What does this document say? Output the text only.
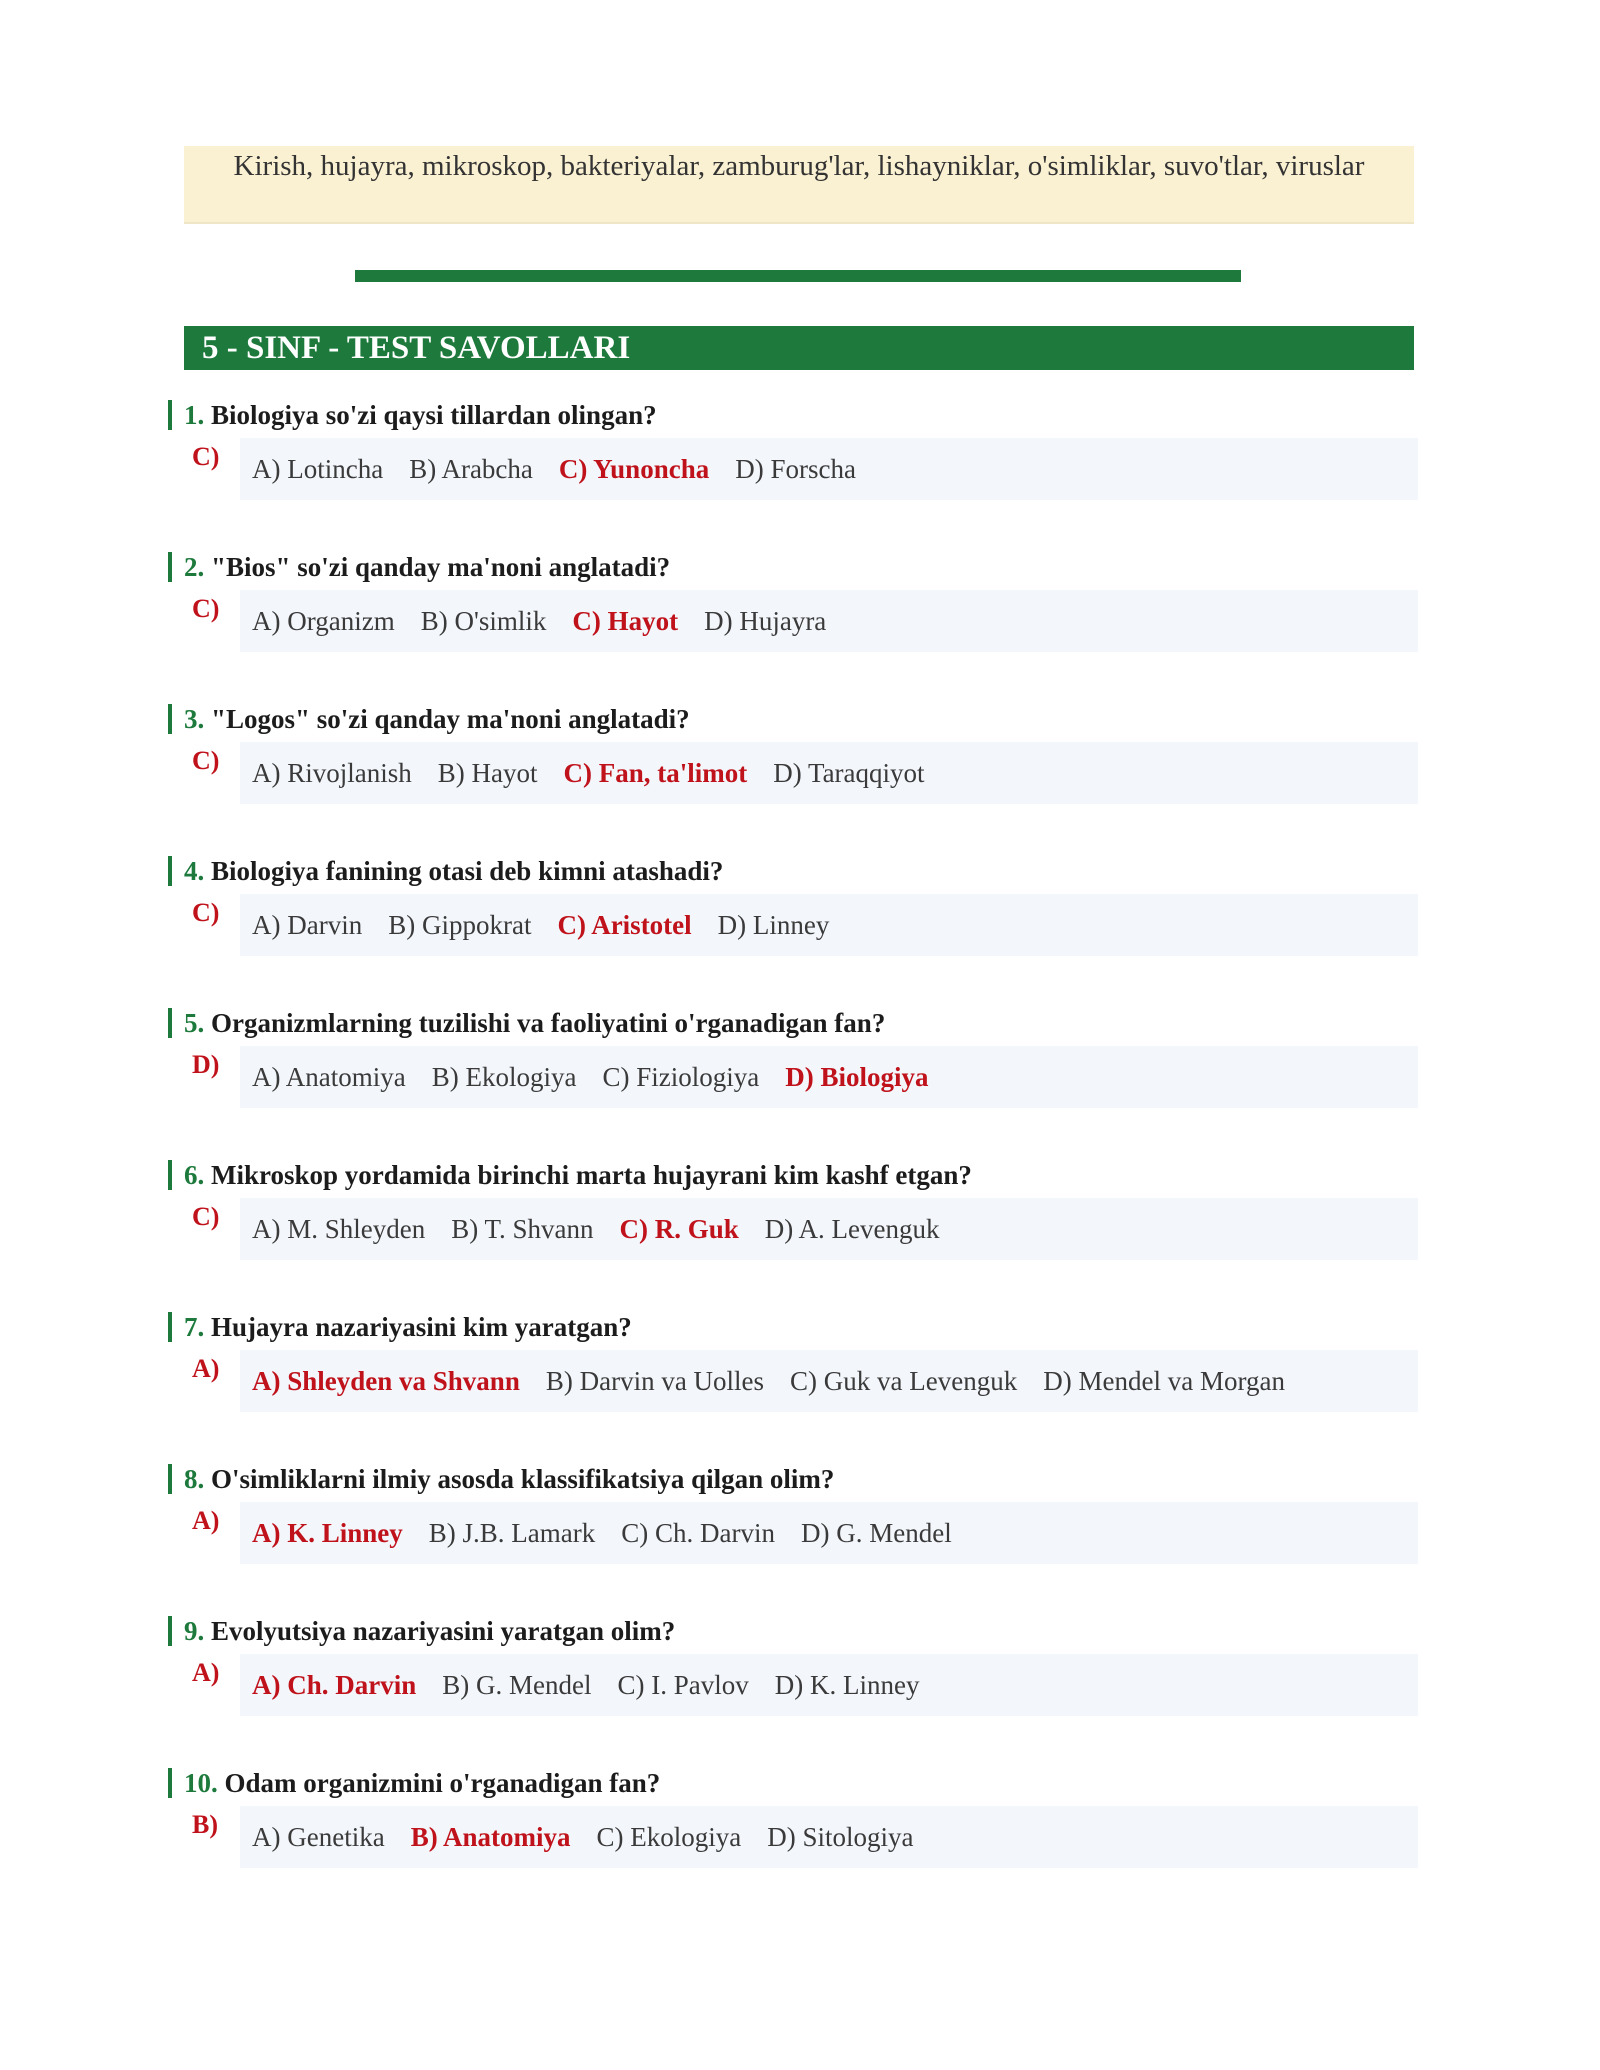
Kirish, hujayra, mikroskop, bakteriyalar, zamburug'lar, lishayniklar, o'simliklar, suvo'tlar, viruslar
5 - SINF - TEST SAVOLLARI
1. Biologiya so'zi qaysi tillardan olingan?
C)	A) Lotincha B) Arabcha C) Yunoncha D) Forscha
2. "Bios" so'zi qanday ma'noni anglatadi?
C)	A) Organizm B) O'simlik C) Hayot D) Hujayra
3. "Logos" so'zi qanday ma'noni anglatadi?
C)	A) Rivojlanish B) Hayot C) Fan, ta'limot D) Taraqqiyot
4. Biologiya fanining otasi deb kimni atashadi?
C)	A) Darvin B) Gippokrat C) Aristotel D) Linney
5. Organizmlarning tuzilishi va faoliyatini o'rganadigan fan?
D)	A) Anatomiya B) Ekologiya C) Fiziologiya D) Biologiya
6. Mikroskop yordamida birinchi marta hujayrani kim kashf etgan?
C)	A) M. Shleyden B) T. Shvann C) R. Guk D) A. Levenguk
7. Hujayra nazariyasini kim yaratgan?
A)	A) Shleyden va Shvann B) Darvin va Uolles C) Guk va Levenguk D) Mendel va Morgan
8. O'simliklarni ilmiy asosda klassifikatsiya qilgan olim?
A)	A) K. Linney B) J.B. Lamark C) Ch. Darvin D) G. Mendel
9. Evolyutsiya nazariyasini yaratgan olim?
A)	A) Ch. Darvin B) G. Mendel C) I. Pavlov D) K. Linney
10. Odam organizmini o'rganadigan fan?
B)	A) Genetika B) Anatomiya C) Ekologiya D) Sitologiya
